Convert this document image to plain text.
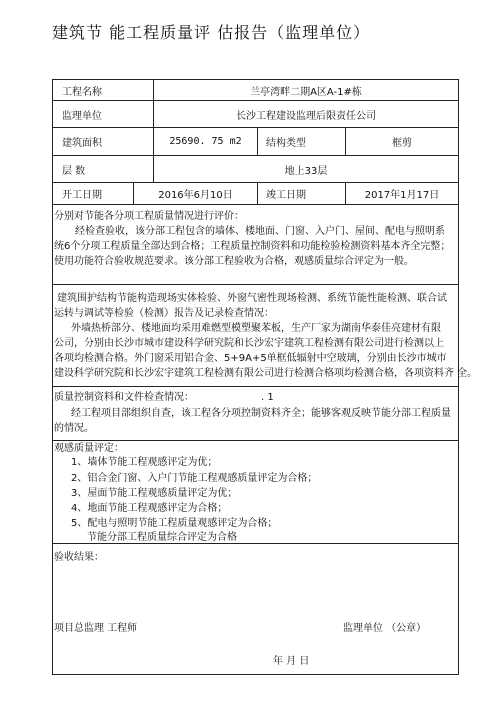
建筑节 能工程质量评 估报告（监理单位）
工程名称	兰亭湾畔二期A区A-1#栋
监理单位	长沙工程建设监理后限责任公司
建筑面积	25690. 75 m2	结构类型	框剪
层 数	地上33层
开工日期	2016年6月10日	竣工日期	2017年1月17日
分别对节能各分项工程质量情况进行评价：
经检查验收，该分部工程包含的墙体、楼地面、门窗、入户门、屋间、配电与照明系
统6个分项工程质量全部达到合格；工程质量控制资料和功能检验检测资料基本齐全完整；
使用功能符合验收规范要求。该分部工程验收为合格，观感质量综合评定为一般。
建筑围护结构节能构造现场实体检验、外窗气密性现场检测、系统节能性能检测、联合试
运转与调试等检验（检测）报告及记录检查情况：
外墙热桥部分、楼地面均采用难燃型模塑聚苯板，生产厂家为湖南华泰佳亮建材有限
公司，分别由长沙市城市建设科学研究院和长沙宏宇建筑工程检测有限公司进行检测以上
各项均检测合格。外门窗采用铝合金、5+9A+5单框低辐射中空玻璃，分别由长沙市城市
建设科学研究院和长沙宏宇建筑工程检测有限公司进行检测合格项均检测合格，各项资料齐 全。
质量控制资料和文件检查情况：	. 1
经工程项目部组织自查，该工程各分项控制资料齐全；能够客观反映节能分部工程质量
的情况。
观感质量评定：
1、墙体节能工程观感评定为优；
2、铝合金门窗、入户门节能工程观感质量评定为合格；
3、屋面节能工程观感质量评定为优；
4、地面节能工程观感评定为合格；
5、配电与照明节能工程质量观感评定为合格；
节能分部工程质量综合评定为合格
验收结果：
项目总监理 工程师	监理单位 （公章）
年 月 日
